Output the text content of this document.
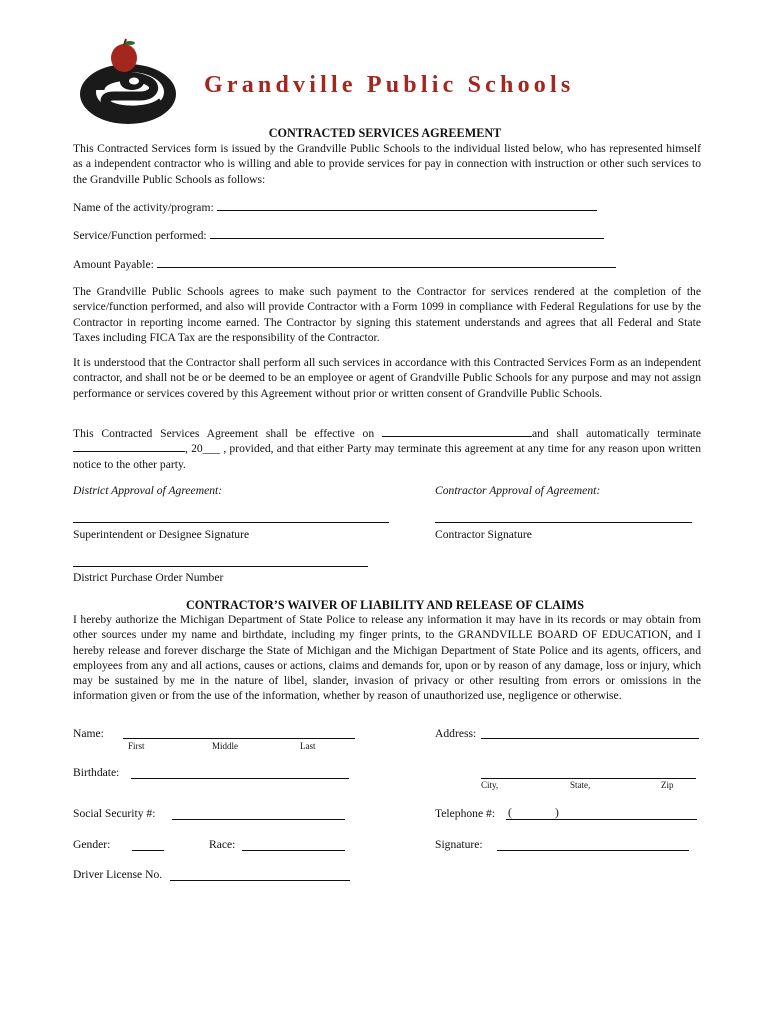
Grandville Public Schools
CONTRACTED SERVICES AGREEMENT
This Contracted Services form is issued by the Grandville Public Schools to the individual listed below, who has represented himself as a independent contractor who is willing and able to provide services for pay in connection with instruction or other such services to the Grandville Public Schools as follows:
Name of the activity/program:
Service/Function performed:
Amount Payable:
The Grandville Public Schools agrees to make such payment to the Contractor for services rendered at the completion of the service/function performed, and also will provide Contractor with a Form 1099 in compliance with Federal Regulations for use by the Contractor in reporting income earned. The Contractor by signing this statement understands and agrees that all Federal and State Taxes including FICA Tax are the responsibility of the Contractor.
It is understood that the Contractor shall perform all such services in accordance with this Contracted Services Form as an independent contractor, and shall not be or be deemed to be an employee or agent of Grandville Public Schools for any purpose and may not assign performance or services covered by this Agreement without prior or written consent of Grandville Public Schools.
This Contracted Services Agreement shall be effective on	and shall automatically terminate , 20___ , provided, and that either Party may terminate this agreement at any time for any reason upon written notice to the other party.
District Approval of Agreement:	Contractor Approval of Agreement:
Superintendent or Designee Signature	Contractor Signature
District Purchase Order Number
CONTRACTOR’S WAIVER OF LIABILITY AND RELEASE OF CLAIMS
I hereby authorize the Michigan Department of State Police to release any information it may have in its records or may obtain from other sources under my name and birthdate, including my finger prints, to the GRANDVILLE BOARD OF EDUCATION, and I hereby release and forever discharge the State of Michigan and the Michigan Department of State Police and its agents, officers, and employees from any and all actions, causes or actions, claims and demands for, upon or by reason of any damage, loss or injury, which may be sustained by me in the nature of libel, slander, invasion of privacy or other resulting from errors or omissions in the information given or from the use of the information, whether by reason of unauthorized use, negligence or otherwise.
Name:
First	Middle	Last
Address:
Birthdate:
City,	State,	Zip
Social Security #:	Telephone #: (	)
Gender:	Race:	Signature:
Driver License No.
